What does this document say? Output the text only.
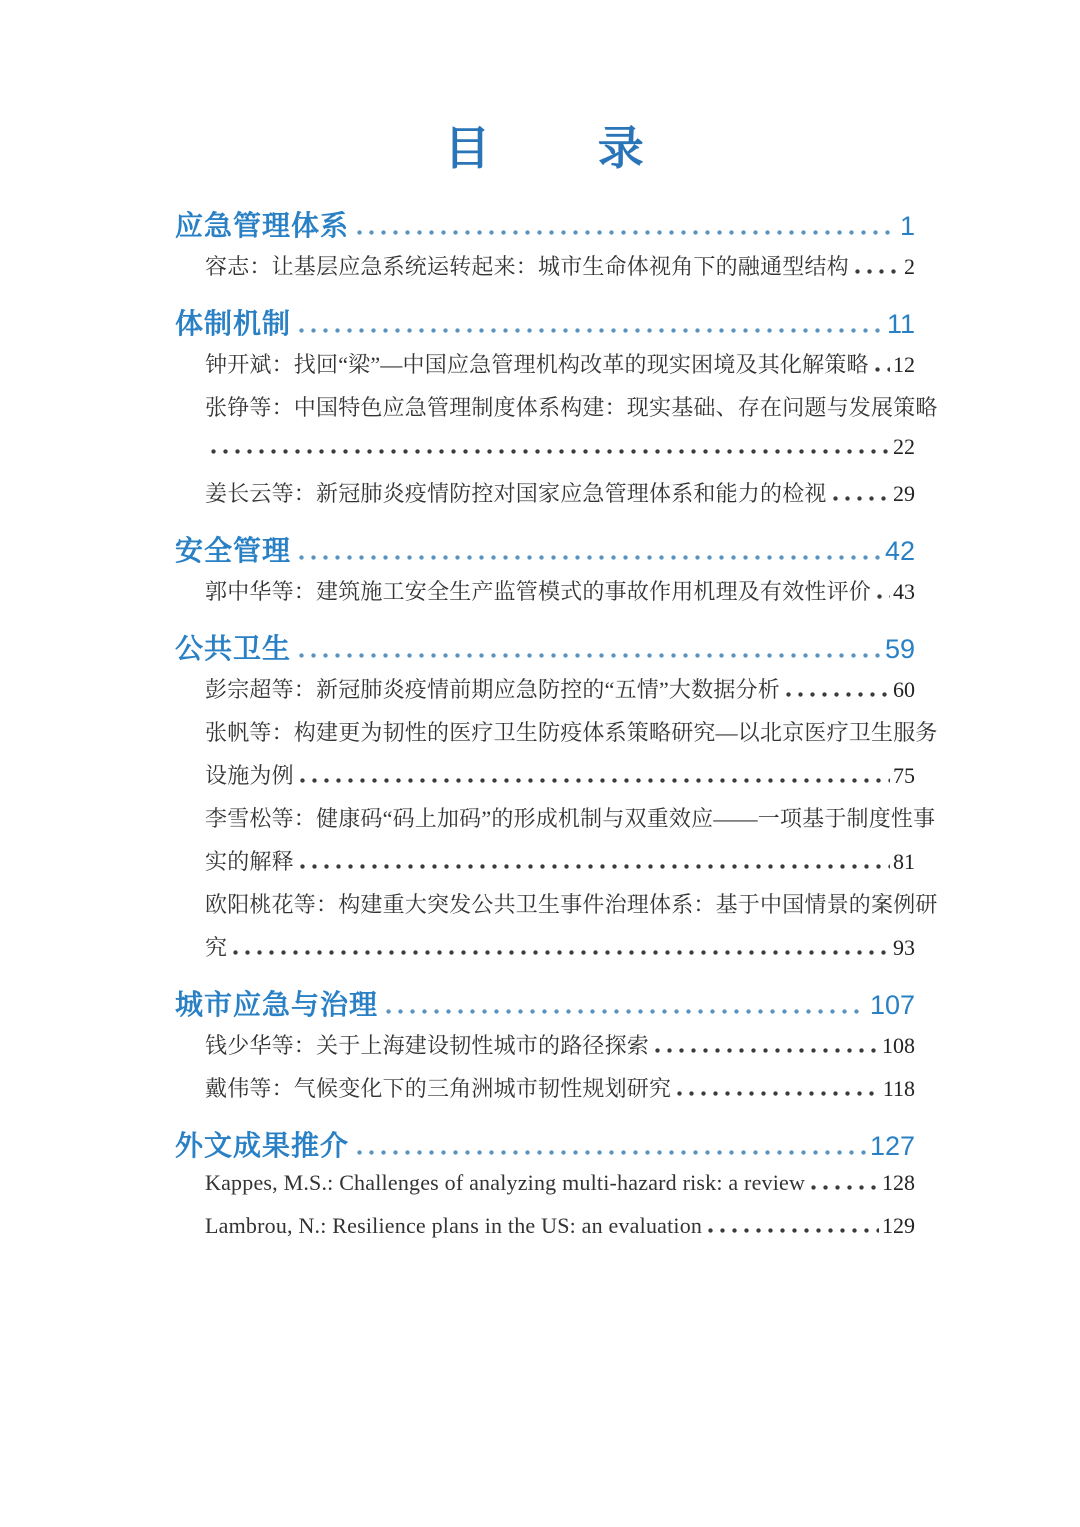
目  录
应急管理体系	1
容志：让基层应急系统运转起来：城市生命体视角下的融通型结构	2
体制机制	11
钟开斌：找回“梁”—中国应急管理机构改革的现实困境及其化解策略 12
张铮等：中国特色应急管理制度体系构建：现实基础、存在问题与发展策略
22
姜长云等：新冠肺炎疫情防控对国家应急管理体系和能力的检视	29
安全管理	42
郭中华等：建筑施工安全生产监管模式的事故作用机理及有效性评价 43
公共卫生	59
彭宗超等：新冠肺炎疫情前期应急防控的“五情”大数据分析	60
张帆等：构建更为韧性的医疗卫生防疫体系策略研究—以北京医疗卫生服务
设施为例	75
李雪松等：健康码“码上加码”的形成机制与双重效应——一项基于制度性事
实的解释	81
欧阳桃花等：构建重大突发公共卫生事件治理体系：基于中国情景的案例研
究	93
城市应急与治理	107
钱少华等：关于上海建设韧性城市的路径探索	108
戴伟等：气候变化下的三角洲城市韧性规划研究	118
外文成果推介	127
Kappes, M.S.: Challenges of analyzing multi-hazard risk: a review	128
Lambrou, N.: Resilience plans in the US: an evaluation	129
